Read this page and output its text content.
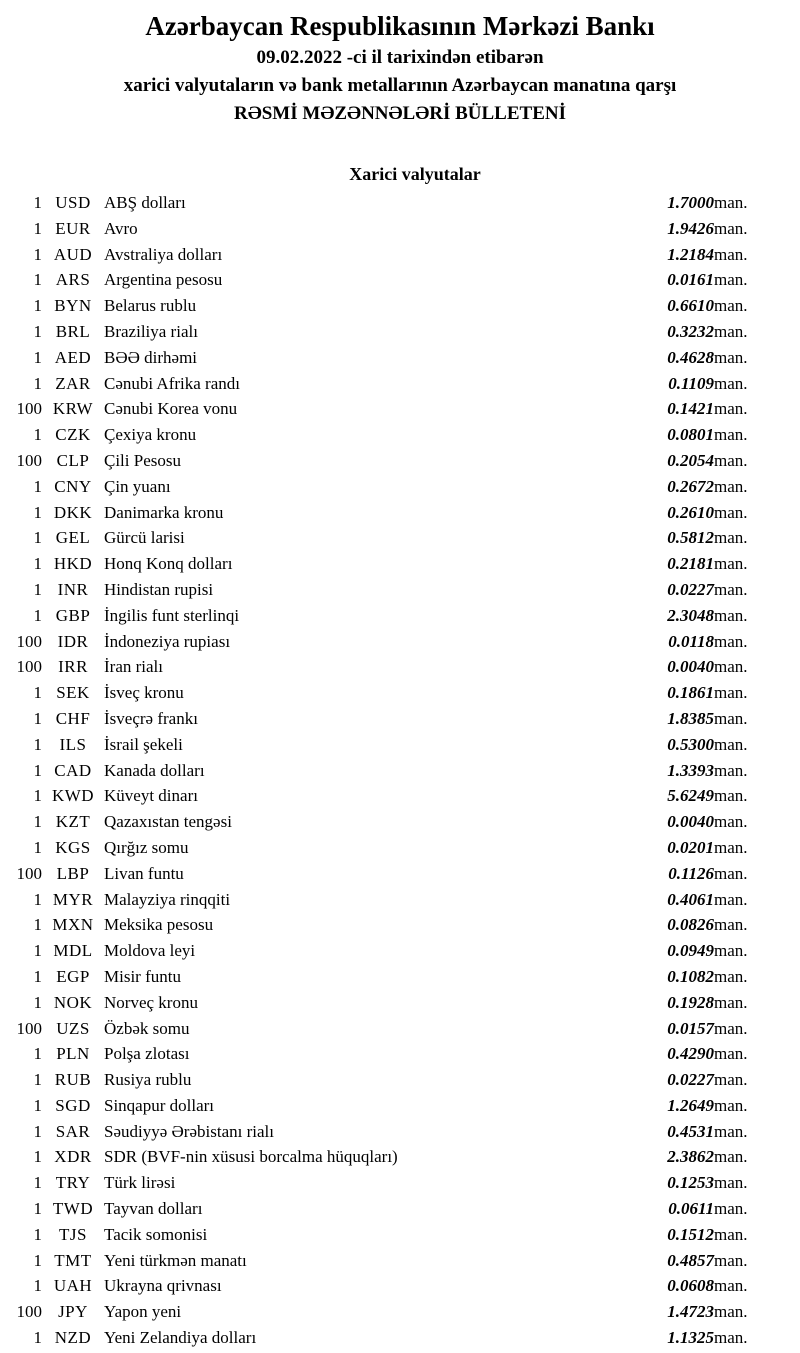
Azərbaycan Respublikasının Mərkəzi Bankı
09.02.2022 -ci il tarixindən etibarən
xarici valyutaların və bank metallarının Azərbaycan manatına qarşı
RƏSMİ MƏZƏNNƏLƏRİ BÜLLETENİ
Xarici valyutalar
1	USD	ABŞ dolları	1.7000	man.
1	EUR	Avro	1.9426	man.
1	AUD	Avstraliya dolları	1.2184	man.
1	ARS	Argentina pesosu	0.0161	man.
1	BYN	Belarus rublu	0.6610	man.
1	BRL	Braziliya rialı	0.3232	man.
1	AED	BƏƏ dirhəmi	0.4628	man.
1	ZAR	Cənubi Afrika randı	0.1109	man.
100	KRW	Cənubi Korea vonu	0.1421	man.
1	CZK	Çexiya kronu	0.0801	man.
100	CLP	Çili Pesosu	0.2054	man.
1	CNY	Çin yuanı	0.2672	man.
1	DKK	Danimarka kronu	0.2610	man.
1	GEL	Gürcü larisi	0.5812	man.
1	HKD	Honq Konq dolları	0.2181	man.
1	INR	Hindistan rupisi	0.0227	man.
1	GBP	İngilis funt sterlinqi	2.3048	man.
100	IDR	İndoneziya rupiası	0.0118	man.
100	IRR	İran rialı	0.0040	man.
1	SEK	İsveç kronu	0.1861	man.
1	CHF	İsveçrə frankı	1.8385	man.
1	ILS	İsrail şekeli	0.5300	man.
1	CAD	Kanada dolları	1.3393	man.
1	KWD	Küveyt dinarı	5.6249	man.
1	KZT	Qazaxıstan tengəsi	0.0040	man.
1	KGS	Qırğız somu	0.0201	man.
100	LBP	Livan funtu	0.1126	man.
1	MYR	Malayziya rinqqiti	0.4061	man.
1	MXN	Meksika pesosu	0.0826	man.
1	MDL	Moldova leyi	0.0949	man.
1	EGP	Misir funtu	0.1082	man.
1	NOK	Norveç kronu	0.1928	man.
100	UZS	Özbək somu	0.0157	man.
1	PLN	Polşa zlotası	0.4290	man.
1	RUB	Rusiya rublu	0.0227	man.
1	SGD	Sinqapur dolları	1.2649	man.
1	SAR	Səudiyyə Ərəbistanı rialı	0.4531	man.
1	XDR	SDR (BVF-nin xüsusi borcalma hüquqları)	2.3862	man.
1	TRY	Türk lirəsi	0.1253	man.
1	TWD	Tayvan dolları	0.0611	man.
1	TJS	Tacik somonisi	0.1512	man.
1	TMT	Yeni türkmən manatı	0.4857	man.
1	UAH	Ukrayna qrivnası	0.0608	man.
100	JPY	Yapon yeni	1.4723	man.
1	NZD	Yeni Zelandiya dolları	1.1325	man.
